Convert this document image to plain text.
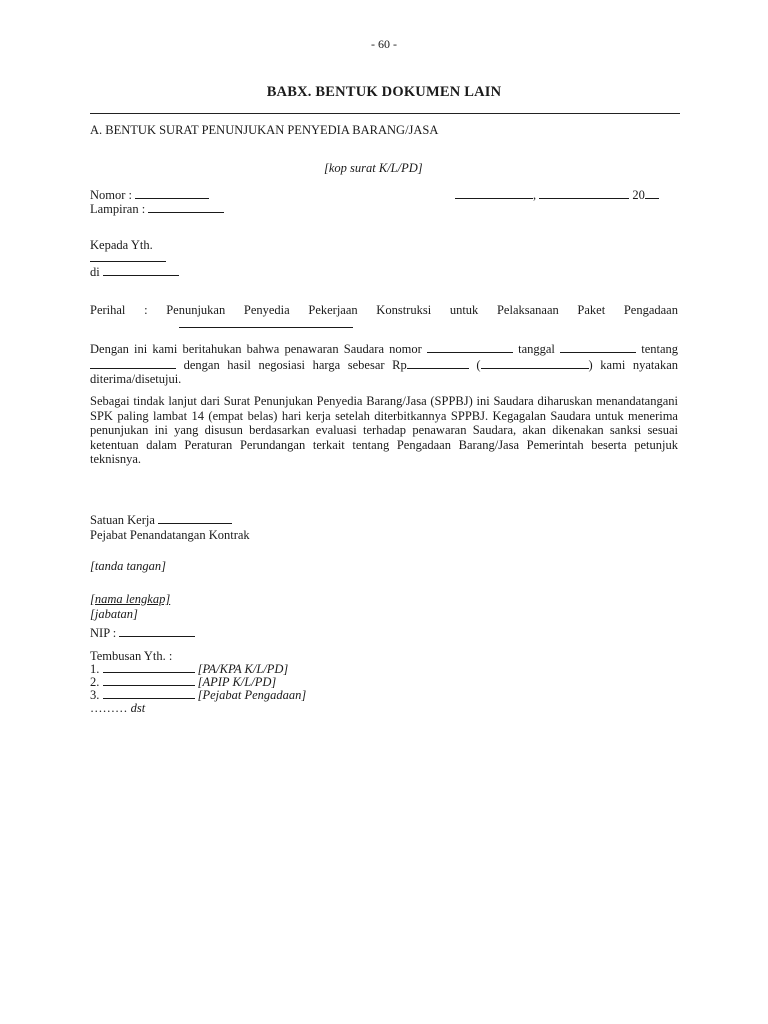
- 60 -
BABX. BENTUK DOKUMEN LAIN
A. BENTUK SURAT PENUNJUKAN PENYEDIA BARANG/JASA
[kop surat K/L/PD]
Nomor :	,	20
Lampiran :
Kepada Yth.
di
Perihal : Penunjukan Penyedia Pekerjaan Konstruksi untuk Pelaksanaan Paket Pengadaan
Dengan ini kami beritahukan bahwa penawaran Saudara nomor	tanggal	tentang  dengan hasil negosiasi harga sebesar Rp	(	) kami nyatakan diterima/disetujui.
Sebagai tindak lanjut dari Surat Penunjukan Penyedia Barang/Jasa (SPPBJ) ini Saudara diharuskan menandatangani SPK paling lambat 14 (empat belas) hari kerja setelah diterbitkannya SPPBJ. Kegagalan Saudara untuk menerima penunjukan ini yang disusun berdasarkan evaluasi terhadap penawaran Saudara, akan dikenakan sanksi sesuai ketentuan dalam Peraturan Perundangan terkait tentang Pengadaan Barang/Jasa Pemerintah beserta petunjuk teknisnya.
Satuan Kerja
Pejabat Penandatangan Kontrak
[tanda tangan]
[nama lengkap]
[jabatan]
NIP :
Tembusan Yth. :
1.	[PA/KPA K/L/PD]
2.	[APIP K/L/PD]
3.	[Pejabat Pengadaan]
……… dst
